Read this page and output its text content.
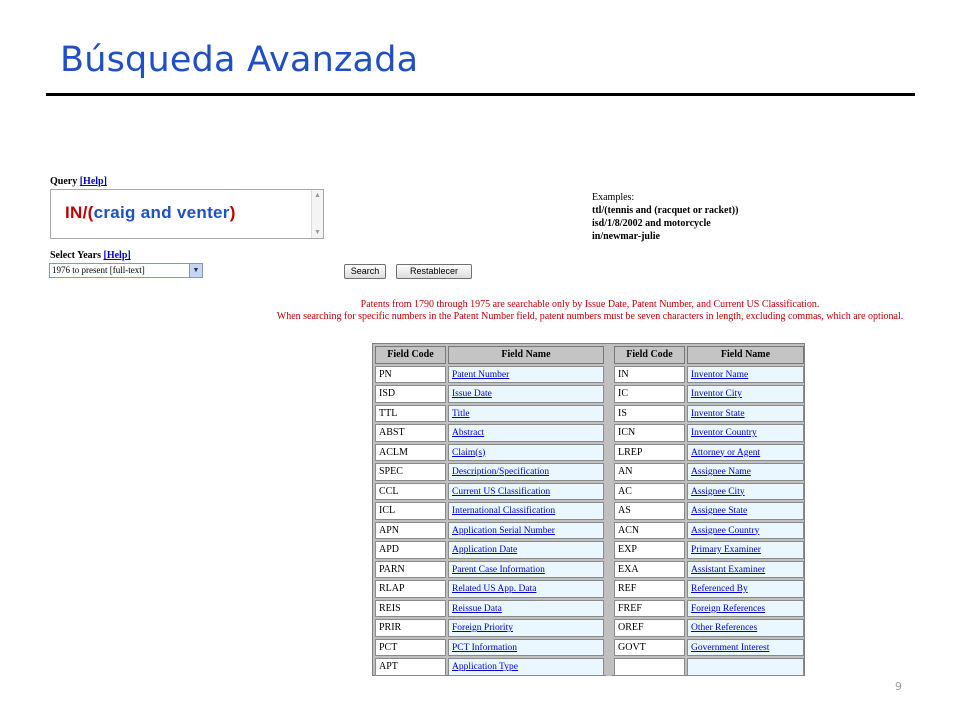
Búsqueda Avanzada
Query [Help]
IN/(craig and venter)
▲
▼
Select Years [Help]
1976 to present [full-text]	▼	Search	Restablecer
Examples:
ttl/(tennis and (racquet or racket))
isd/1/8/2002 and motorcycle
in/newmar-julie
Patents from 1790 through 1975 are searchable only by Issue Date, Patent Number, and Current US Classification.
When searching for specific numbers in the Patent Number field, patent numbers must be seven characters in length, excluding commas, which are optional.
Field Code	Field Name	Field Code	Field Name
PN	Patent Number	IN	Inventor Name
ISD	Issue Date	IC	Inventor City
TTL	Title	IS	Inventor State
ABST	Abstract	ICN	Inventor Country
ACLM	Claim(s)	LREP	Attorney or Agent
SPEC	Description/Specification	AN	Assignee Name
CCL	Current US Classification	AC	Assignee City
ICL	International Classification	AS	Assignee State
APN	Application Serial Number	ACN	Assignee Country
APD	Application Date	EXP	Primary Examiner
PARN	Parent Case Information	EXA	Assistant Examiner
RLAP	Related US App. Data	REF	Referenced By
REIS	Reissue Data	FREF	Foreign References
PRIR	Foreign Priority	OREF	Other References
PCT	PCT Information	GOVT	Government Interest
APT	Application Type
9
